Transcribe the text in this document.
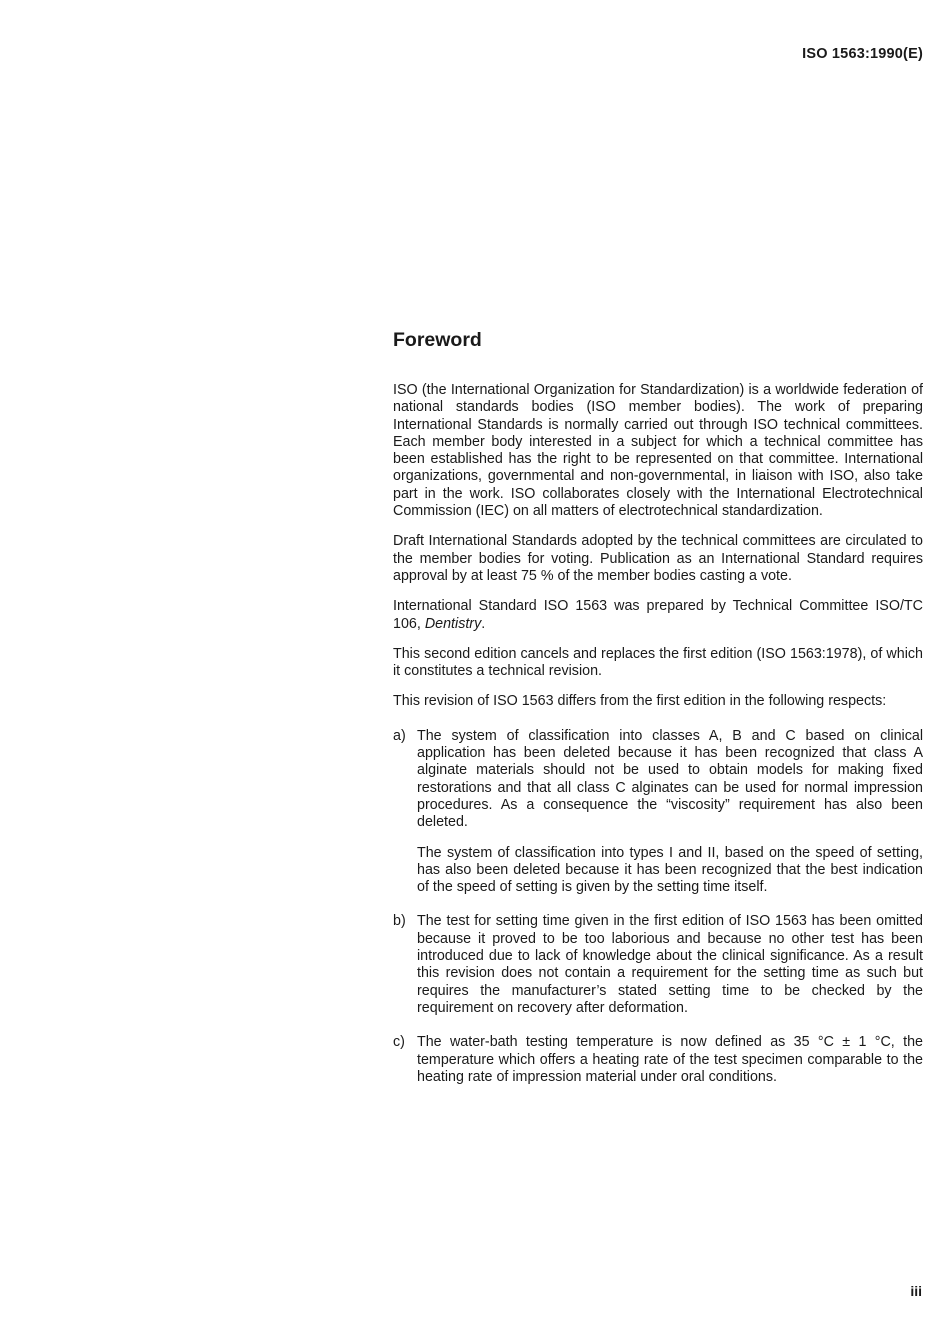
ISO 1563:1990(E)
Foreword

ISO (the International Organization for Standardization) is a worldwide federation of national standards bodies (ISO member bodies). The work of preparing International Standards is normally carried out through ISO technical committees. Each member body interested in a subject for which a technical committee has been established has the right to be represented on that committee. International organizations, governmental and non-governmental, in liaison with ISO, also take part in the work. ISO collaborates closely with the International Electrotechnical Commission (IEC) on all matters of electrotechnical standardization.

Draft International Standards adopted by the technical committees are circulated to the member bodies for voting. Publication as an International Standard requires approval by at least 75 % of the member bodies casting a vote.

International Standard ISO 1563 was prepared by Technical Committee ISO/TC 106, Dentistry.

This second edition cancels and replaces the first edition (ISO 1563:1978), of which it constitutes a technical revision.

This revision of ISO 1563 differs from the first edition in the following respects:

a) The system of classification into classes A, B and C based on clinical application has been deleted because it has been recognized that class A alginate materials should not be used to obtain models for making fixed restorations and that all class C alginates can be used for normal impression procedures. As a consequence the “viscosity” requirement has also been deleted.

The system of classification into types I and II, based on the speed of setting, has also been deleted because it has been recognized that the best indication of the speed of setting is given by the setting time itself.

b) The test for setting time given in the first edition of ISO 1563 has been omitted because it proved to be too laborious and because no other test has been introduced due to lack of knowledge about the clinical significance. As a result this revision does not contain a requirement for the setting time as such but requires the manufacturer’s stated setting time to be checked by the requirement on recovery after deformation.

c) The water-bath testing temperature is now defined as 35 °C ± 1 °C, the temperature which offers a heating rate of the test specimen comparable to the heating rate of impression material under oral conditions.

iii
